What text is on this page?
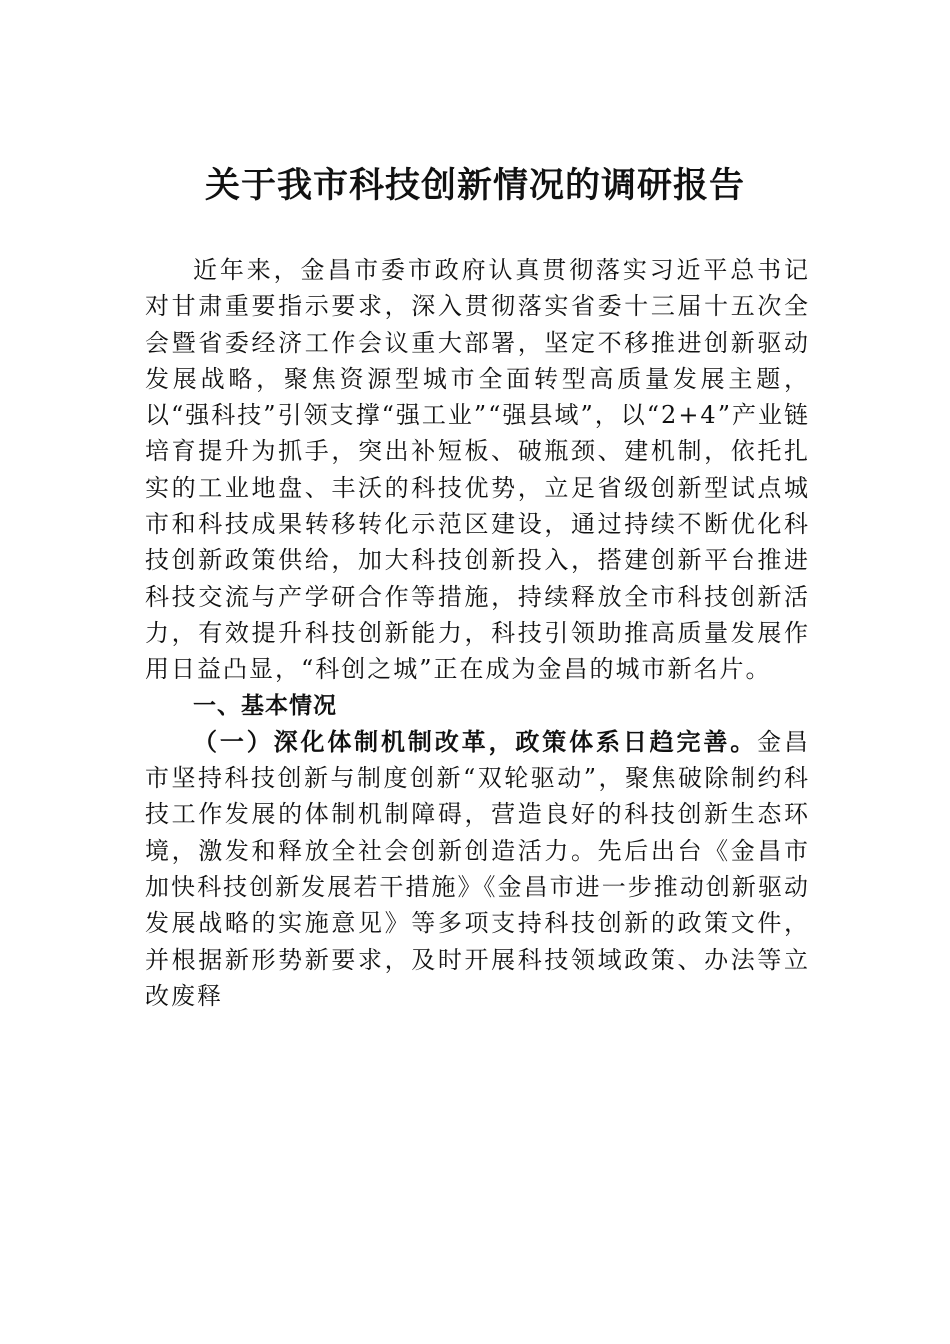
关于我市科技创新情况的调研报告

近年来，金昌市委市政府认真贯彻落实习近平总书记对甘肃重要指示要求，深入贯彻落实省委十三届十五次全会暨省委经济工作会议重大部署，坚定不移推进创新驱动发展战略，聚焦资源型城市全面转型高质量发展主题，以“强科技”引领支撑“强工业”“强县域”，以“2+4”产业链培育提升为抓手，突出补短板、破瓶颈、建机制，依托扎实的工业地盘、丰沃的科技优势，立足省级创新型试点城市和科技成果转移转化示范区建设，通过持续不断优化科技创新政策供给，加大科技创新投入，搭建创新平台推进科技交流与产学研合作等措施，持续释放全市科技创新活力，有效提升科技创新能力，科技引领助推高质量发展作用日益凸显，“科创之城”正在成为金昌的城市新名片。

一、基本情况

（一）深化体制机制改革，政策体系日趋完善。金昌市坚持科技创新与制度创新“双轮驱动”，聚焦破除制约科技工作发展的体制机制障碍，营造良好的科技创新生态环境，激发和释放全社会创新创造活力。先后出台《金昌市加快科技创新发展若干措施》《金昌市进一步推动创新驱动发展战略的实施意见》等多项支持科技创新的政策文件，并根据新形势新要求，及时开展科技领域政策、办法等立改废释
